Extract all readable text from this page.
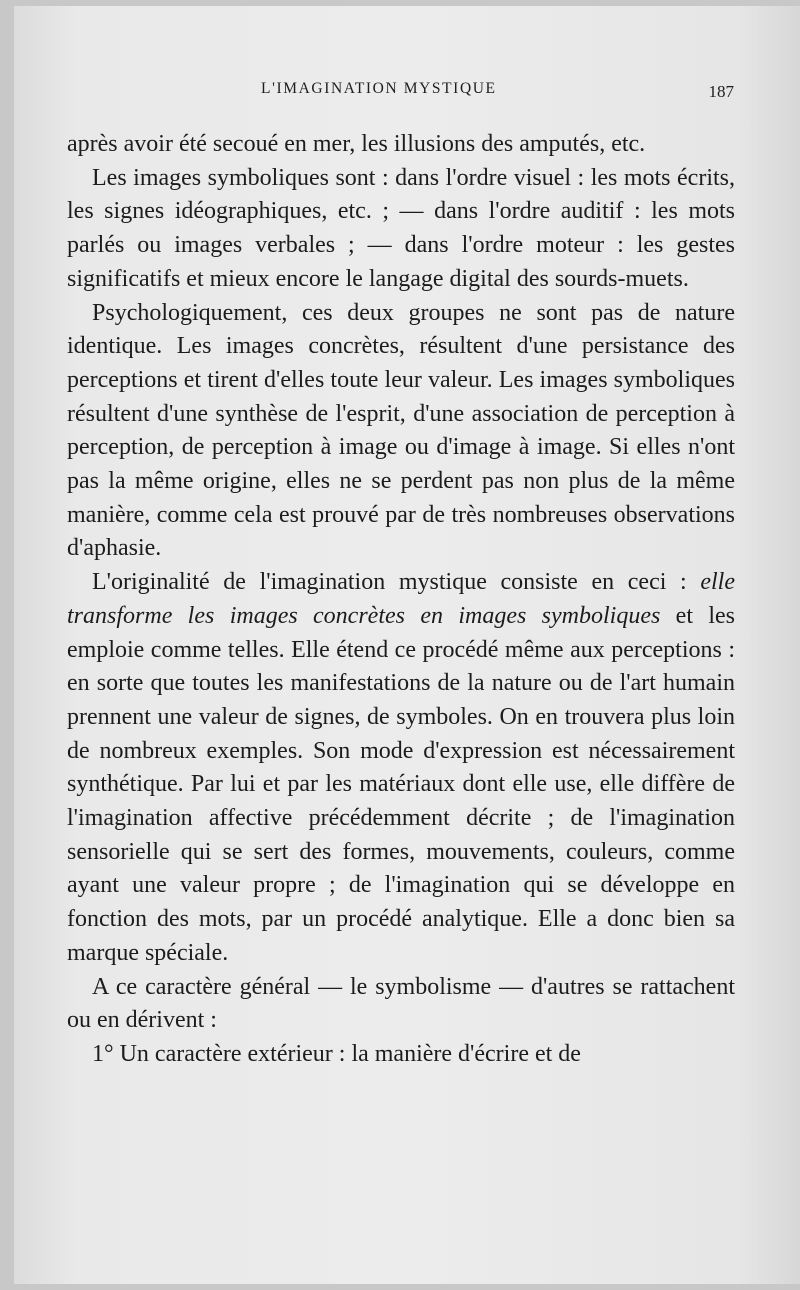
L'IMAGINATION MYSTIQUE	187

après avoir été secoué en mer, les illusions des amputés, etc.

Les images symboliques sont : dans l'ordre visuel : les mots écrits, les signes idéographiques, etc. ; — dans l'ordre auditif : les mots parlés ou images verbales ; — dans l'ordre moteur : les gestes significatifs et mieux encore le langage digital des sourds-muets.

Psychologiquement, ces deux groupes ne sont pas de nature identique. Les images concrètes, résultent d'une persistance des perceptions et tirent d'elles toute leur valeur. Les images symboliques résultent d'une synthèse de l'esprit, d'une association de perception à perception, de perception à image ou d'image à image. Si elles n'ont pas la même origine, elles ne se perdent pas non plus de la même manière, comme cela est prouvé par de très nombreuses observations d'aphasie.

L'originalité de l'imagination mystique consiste en ceci : elle transforme les images concrètes en images symboliques et les emploie comme telles. Elle étend ce procédé même aux perceptions : en sorte que toutes les manifestations de la nature ou de l'art humain prennent une valeur de signes, de symboles. On en trouvera plus loin de nombreux exemples. Son mode d'expression est nécessairement synthétique. Par lui et par les matériaux dont elle use, elle diffère de l'imagination affective précédemment décrite ; de l'imagination sensorielle qui se sert des formes, mouvements, couleurs, comme ayant une valeur propre ; de l'imagination qui se développe en fonction des mots, par un procédé analytique. Elle a donc bien sa marque spéciale.

A ce caractère général — le symbolisme — d'autres se rattachent ou en dérivent :

1° Un caractère extérieur : la manière d'écrire et de
